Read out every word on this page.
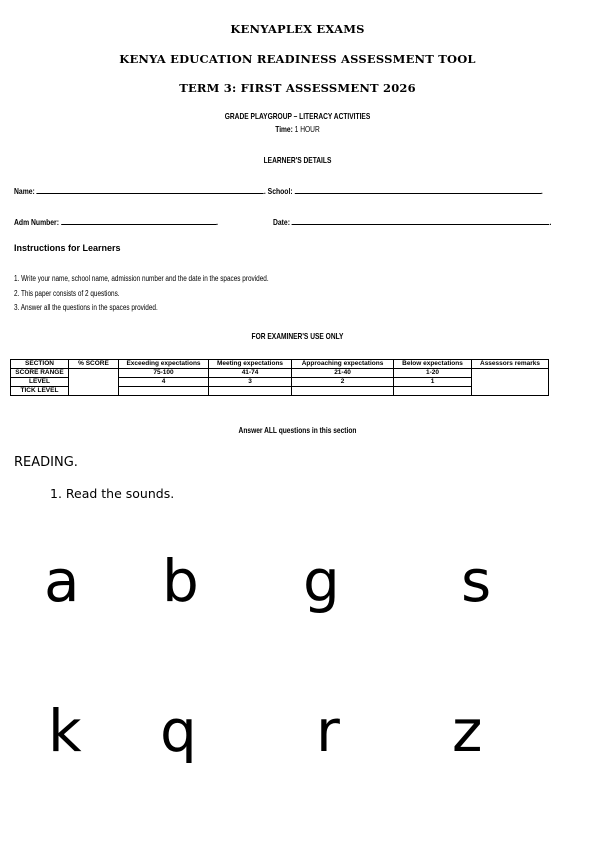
KENYAPLEX EXAMS
KENYA EDUCATION READINESS ASSESSMENT TOOL
TERM 3: FIRST ASSESSMENT 2026
GRADE PLAYGROUP – LITERACY ACTIVITIES
Time: 1 HOUR
LEARNER'S DETAILS
Name:	. School:	.
Adm Number:	.	Date:	.
Instructions for Learners
1. Write your name, school name, admission number and the date in the spaces provided.
2. This paper consists of 2 questions.
3. Answer all the questions in the spaces provided.
FOR EXAMINER'S USE ONLY
SECTION	% SCORE	Exceeding expectations	Meeting expectations	Approaching expectations	Below expectations	Assessors remarks
SCORE RANGE		75-100	41-74	21-40	1-20	
LEVEL		4	3	2	1	
TICK LEVEL						
Answer ALL questions in this section
READING.
1. Read the sounds.
a b g s
k q r z
